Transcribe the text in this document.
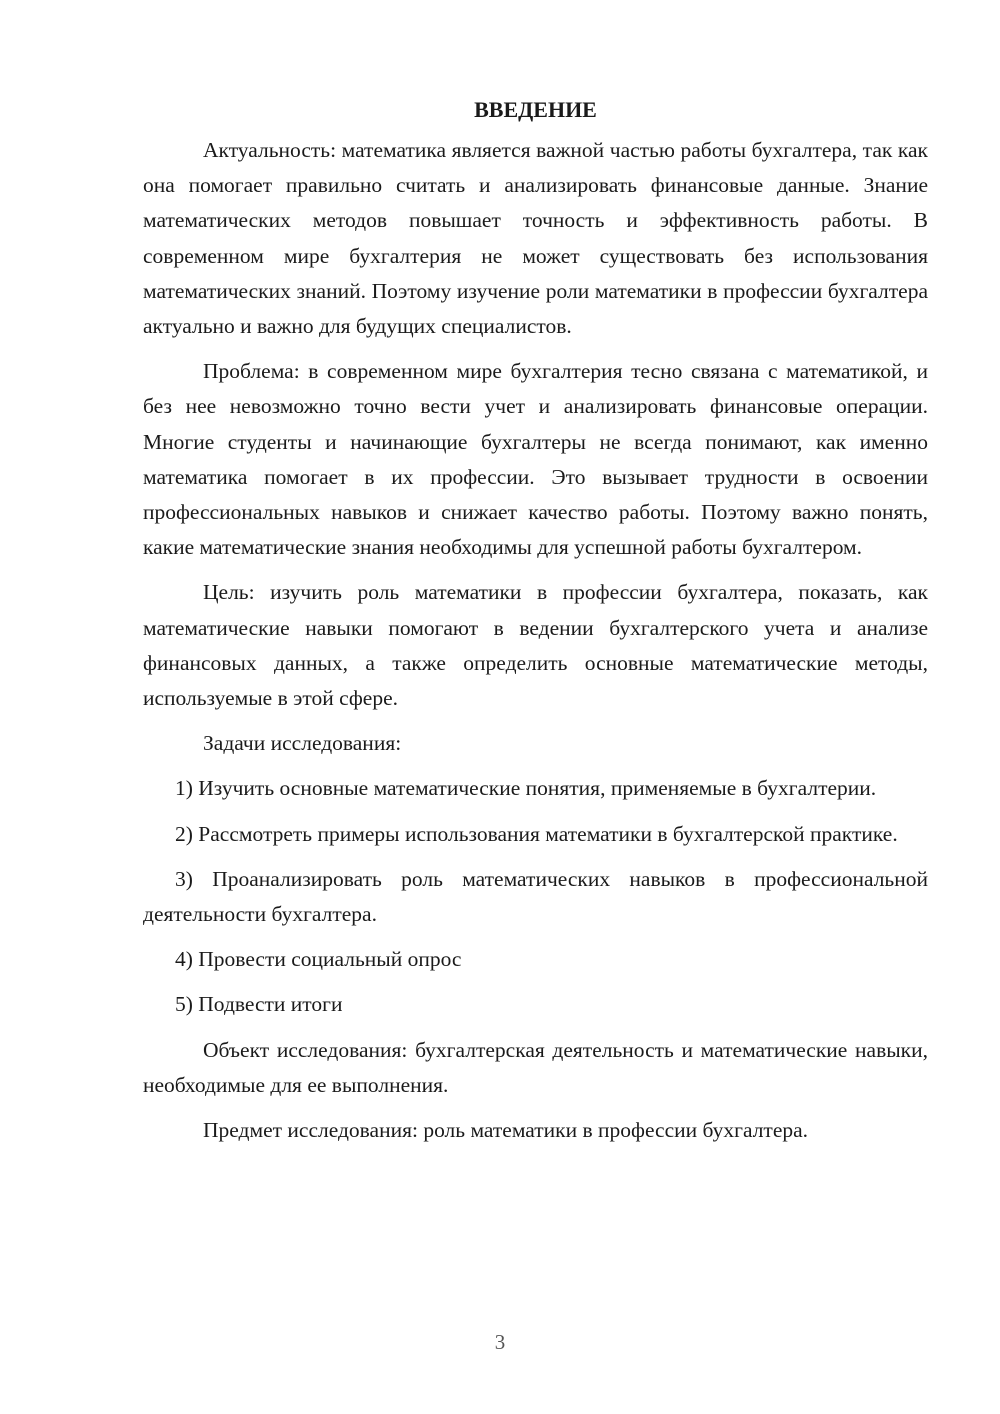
ВВЕДЕНИЕ

Актуальность: математика является важной частью работы бухгалтера, так как она помогает правильно считать и анализировать финансовые данные. Знание математических методов повышает точность и эффективность работы. В современном мире бухгалтерия не может существовать без использования математических знаний. Поэтому изучение роли математики в профессии бухгалтера актуально и важно для будущих специалистов.

Проблема: в современном мире бухгалтерия тесно связана с математикой, и без нее невозможно точно вести учет и анализировать финансовые операции. Многие студенты и начинающие бухгалтеры не всегда понимают, как именно математика помогает в их профессии. Это вызывает трудности в освоении профессиональных навыков и снижает качество работы. Поэтому важно понять, какие математические знания необходимы для успешной работы бухгалтером.

Цель: изучить роль математики в профессии бухгалтера, показать, как математические навыки помогают в ведении бухгалтерского учета и анализе финансовых данных, а также определить основные математические методы, используемые в этой сфере.

Задачи исследования:

1) Изучить основные математические понятия, применяемые в бухгалтерии.

2) Рассмотреть примеры использования математики в бухгалтерской практике.

3) Проанализировать роль математических навыков в профессиональной деятельности бухгалтера.

4) Провести социальный опрос

5) Подвести итоги

Объект исследования: бухгалтерская деятельность и математические навыки, необходимые для ее выполнения.

Предмет исследования: роль математики в профессии бухгалтера.

3
